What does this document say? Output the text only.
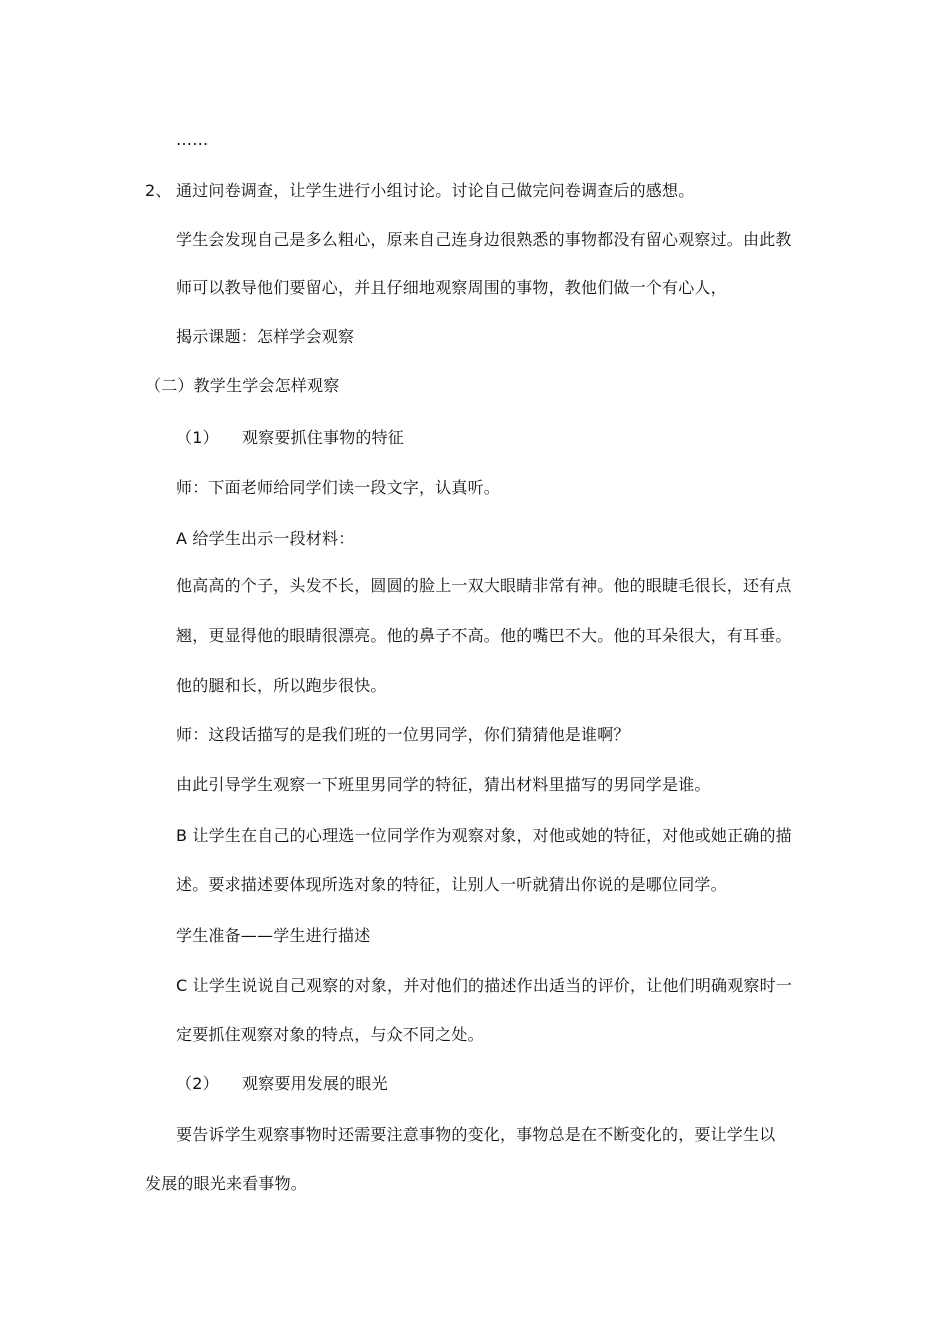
……
2、 通过问卷调查，让学生进行小组讨论。讨论自己做完问卷调查后的感想。
学生会发现自己是多么粗心，原来自己连身边很熟悉的事物都没有留心观察过。由此教
师可以教导他们要留心，并且仔细地观察周围的事物，教他们做一个有心人，
揭示课题：怎样学会观察
（二）教学生学会怎样观察
（1） 观察要抓住事物的特征
师：下面老师给同学们读一段文字，认真听。
A 给学生出示一段材料：
他高高的个子，头发不长，圆圆的脸上一双大眼睛非常有神。他的眼睫毛很长，还有点
翘，更显得他的眼睛很漂亮。他的鼻子不高。他的嘴巴不大。他的耳朵很大，有耳垂。
他的腿和长，所以跑步很快。
师：这段话描写的是我们班的一位男同学，你们猜猜他是谁啊？
由此引导学生观察一下班里男同学的特征，猜出材料里描写的男同学是谁。
B 让学生在自己的心理选一位同学作为观察对象，对他或她的特征，对他或她正确的描
述。要求描述要体现所选对象的特征，让别人一听就猜出你说的是哪位同学。
学生准备——学生进行描述
C 让学生说说自己观察的对象，并对他们的描述作出适当的评价，让他们明确观察时一
定要抓住观察对象的特点，与众不同之处。
（2） 观察要用发展的眼光
要告诉学生观察事物时还需要注意事物的变化，事物总是在不断变化的，要让学生以
发展的眼光来看事物。
